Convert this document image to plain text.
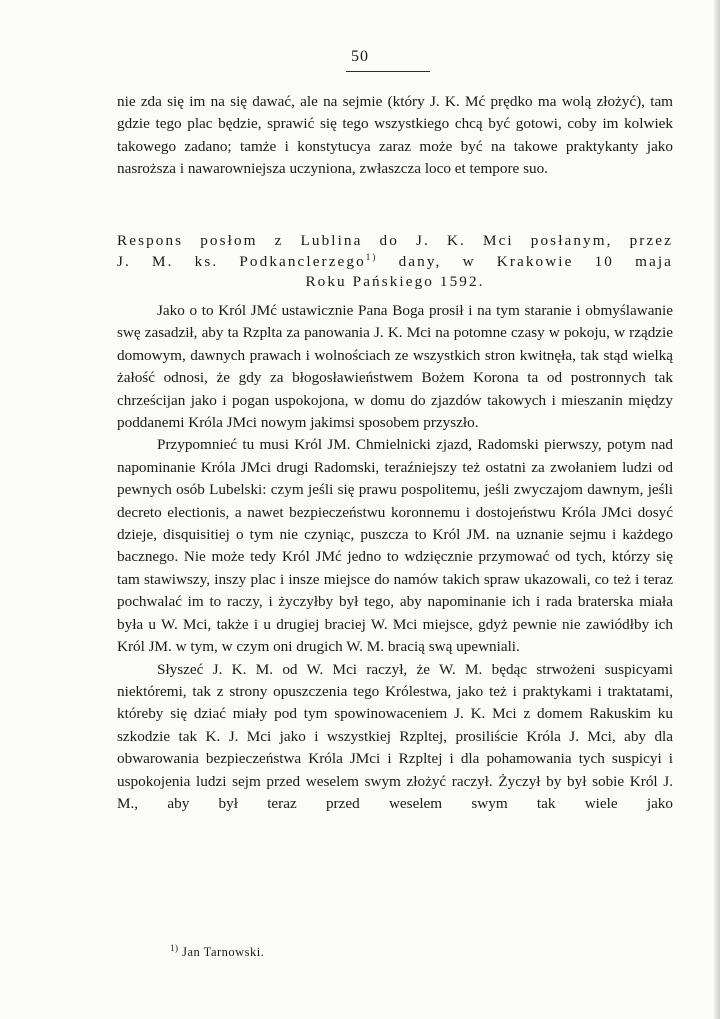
50
nie zda się im na się dawać, ale na sejmie (który J. K. Mć prędko ma wolą złożyć), tam gdzie tego plac będzie, sprawić się tego wszystkiego chcą być gotowi, coby im kolwiek takowego zadano; tamże i konstytucya zaraz może być na takowe praktykanty jako nasroższa i nawarowniejsza uczyniona, zwłaszcza loco et tempore suo.
Respons posłom z Lublina do J. K. Mci posłanym, przez
J. M. ks. Podkanclerzego$^{1)}$ dany, w Krakowie 10 maja
Roku Pańskiego 1592.

Jako o to Król JMć ustawicznie Pana Boga prosił i na tym staranie i obmyślawanie swę zasadził, aby ta Rzplta za panowania J. K. Mci na potomne czasy w pokoju, w rządzie domowym, dawnych prawach i wolnościach ze wszystkich stron kwitnęła, tak stąd wielką żałość odnosi, że gdy za błogosławieństwem Bożem Korona ta od postronnych tak chrześcijan jako i pogan uspokojona, w domu do zjazdów takowych i mieszanin między poddanemi Króla JMci nowym jakimsi sposobem przyszło.

Przypomnieć tu musi Król JM. Chmielnicki zjazd, Radomski pierwszy, potym nad napominanie Króla JMci drugi Radomski, teraźniejszy też ostatni za zwołaniem ludzi od pewnych osób Lubelski: czym jeśli się prawu pospolitemu, jeśli zwyczajom dawnym, jeśli decreto electionis, a nawet bezpieczeństwu koronnemu i dostojeństwu Króla JMci dosyć dzieje, disquisitiej o tym nie czyniąc, puszcza to Król JM. na uznanie sejmu i każdego bacznego. Nie może tedy Król JMć jedno to wdzięcznie przymować od tych, którzy się tam stawiwszy, inszy plac i insze miejsce do namów takich spraw ukazowali, co też i teraz pochwalać im to raczy, i życzyłby był tego, aby napominanie ich i rada braterska miała była u W. Mci, także i u drugiej braciej W. Mci miejsce, gdyż pewnie nie zawiódłby ich Król JM. w tym, w czym oni drugich W. M. bracią swą upewniali.

Słyszeć J. K. M. od W. Mci raczył, że W. M. będąc strwożeni suspicyami niektóremi, tak z strony opuszczenia tego Królestwa, jako też i praktykami i traktatami, któreby się dziać miały pod tym spowinowaceniem J. K. Mci z domem Rakuskim ku szkodzie tak K. J. Mci jako i wszystkiej Rzpltej, prosiliście Króla J. Mci, aby dla obwarowania bezpieczeństwa Króla JMci i Rzpltej i dla pohamowania tych suspicyi i uspokojenia ludzi sejm przed weselem swym złożyć raczył. Życzył by był sobie Król J. M., aby był teraz przed weselem swym tak wiele jako

$^{1)}$ Jan Tarnowski.
